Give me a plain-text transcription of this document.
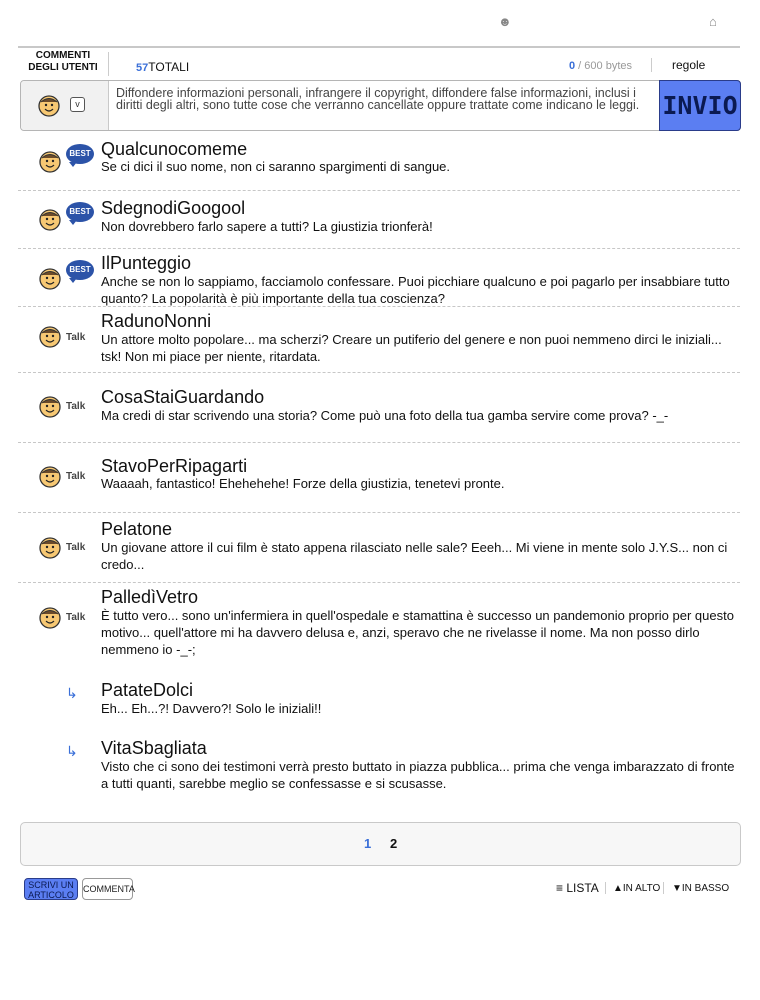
☻	⌂
COMMENTI
DEGLI UTENTI	57TOTALI	0 / 600 bytes	regole
v
Diffondere informazioni personali, infrangere il copyright, diffondere false informazioni, inclusi i diritti degli altri, sono tutte cose che verranno cancellate oppure trattate come indicano le leggi. INVIO
BEST Qualcunocomeme
Se ci dici il suo nome, non ci saranno spargimenti di sangue.
BEST SdegnodiGoogool
Non dovrebbero farlo sapere a tutti? La giustizia trionferà!
BEST IlPunteggio
Anche se non lo sappiamo, facciamolo confessare. Puoi picchiare qualcuno e poi pagarlo per insabbiare tutto quanto? La popolarità è più importante della tua coscienza?
Talk
RadunoNonni
Un attore molto popolare... ma scherzi? Creare un putiferio del genere e non puoi nemmeno dirci le iniziali... tsk! Non mi piace per niente, ritardata.
Talk CosaStaiGuardando
Ma credi di star scrivendo una storia? Come può una foto della tua gamba servire come prova? -_-
Talk
StavoPerRipagarti
Waaaah, fantastico! Ehehehehe! Forze della giustizia, tenetevi pronte.
Talk
Pelatone
Un giovane attore il cui film è stato appena rilasciato nelle sale? Eeeh... Mi viene in mente solo J.Y.S... non ci credo...
Talk
PalledìVetro
È tutto vero... sono un'infermiera in quell'ospedale e stamattina è successo un pandemonio proprio per questo motivo... quell'attore mi ha davvero delusa e, anzi, speravo che ne rivelasse il nome. Ma non posso dirlo nemmeno io -_-;
↳ PatateDolci
Eh... Eh...?! Davvero?! Solo le iniziali!!
↳ VitaSbagliata
Visto che ci sono dei testimoni verrà presto buttato in piazza pubblica... prima che venga imbarazzato di fronte a tutti quanti, sarebbe meglio se confessasse e si scusasse.
1 2
SCRIVI UN
ARTICOLO
COMMENTA	≡ LISTA ▲IN ALTO ▼IN BASSO
